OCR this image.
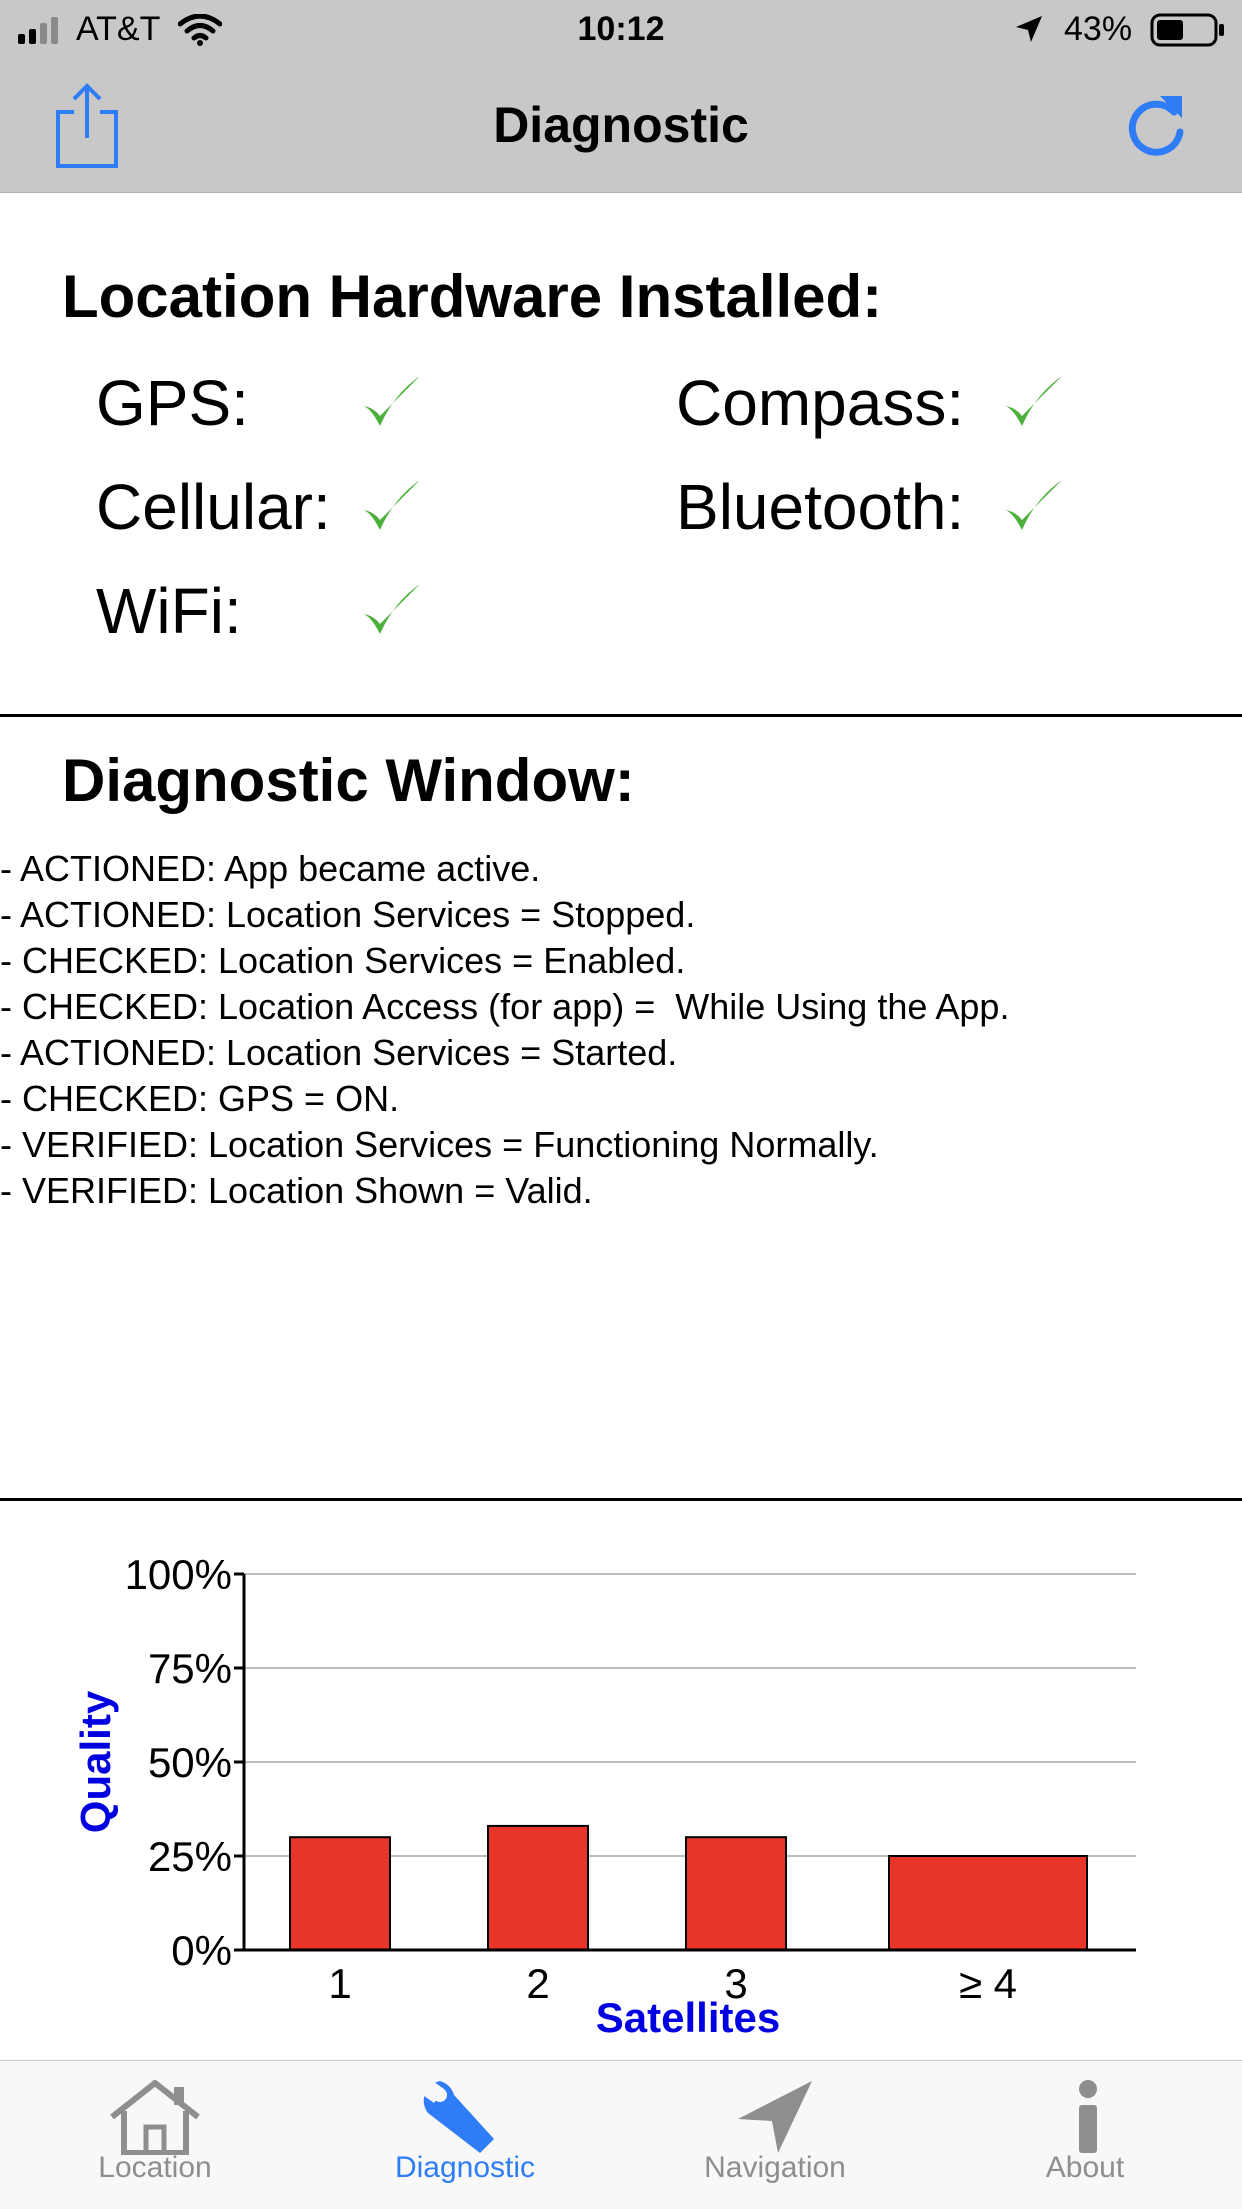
AT&T	10:12	43%
Diagnostic
Location Hardware Installed:
GPS:	Compass:
Cellular:	Bluetooth:
WiFi:
Diagnostic Window:
- ACTIONED: App became active.
- ACTIONED: Location Services = Stopped.
- CHECKED: Location Services = Enabled.
- CHECKED: Location Access (for app) =  While Using the App.
- ACTIONED: Location Services = Started.
- CHECKED: GPS = ON.
- VERIFIED: Location Services = Functioning Normally.
- VERIFIED: Location Shown = Valid.
0%
25%
50%
75%
100%
1	2	3	≥ 4
Satellites
Quality
Location	Diagnostic	Navigation	About
